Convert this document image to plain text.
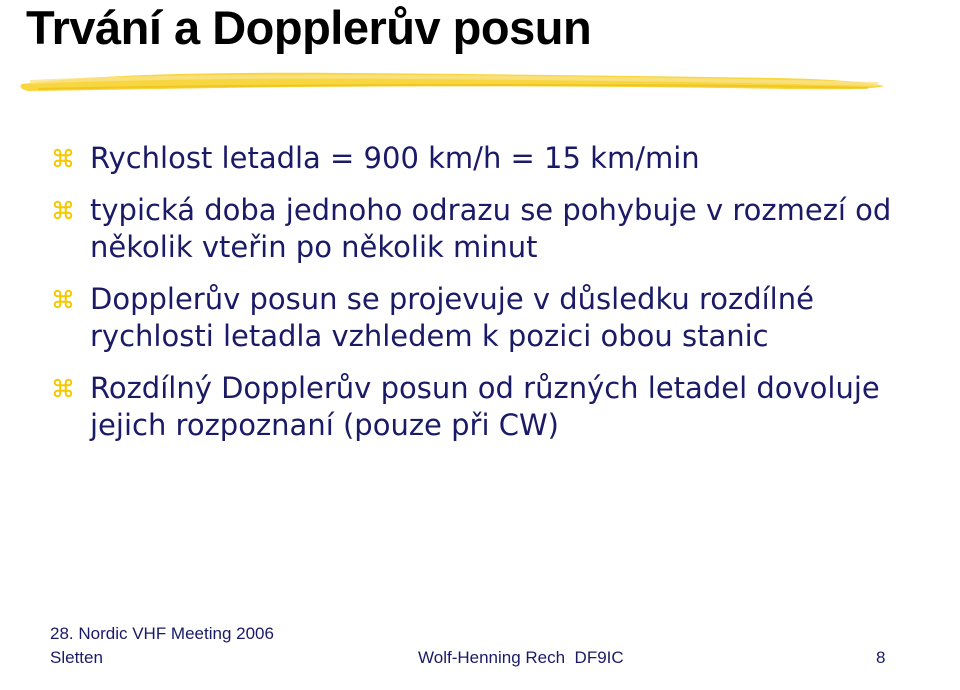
Trvání a Dopplerův posun
Rychlost letadla = 900 km/h = 15 km/min
typická doba jednoho odrazu se pohybuje v rozmezí od několik vteřin po několik minut
Dopplerův posun se projevuje v důsledku rozdílné rychlosti letadla vzhledem k pozici obou stanic
Rozdílný Dopplerův posun od různých letadel dovoluje jejich rozpoznaní (pouze při CW)
28. Nordic VHF Meeting 2006
Sletten	Wolf-Henning Rech  DF9IC	8
